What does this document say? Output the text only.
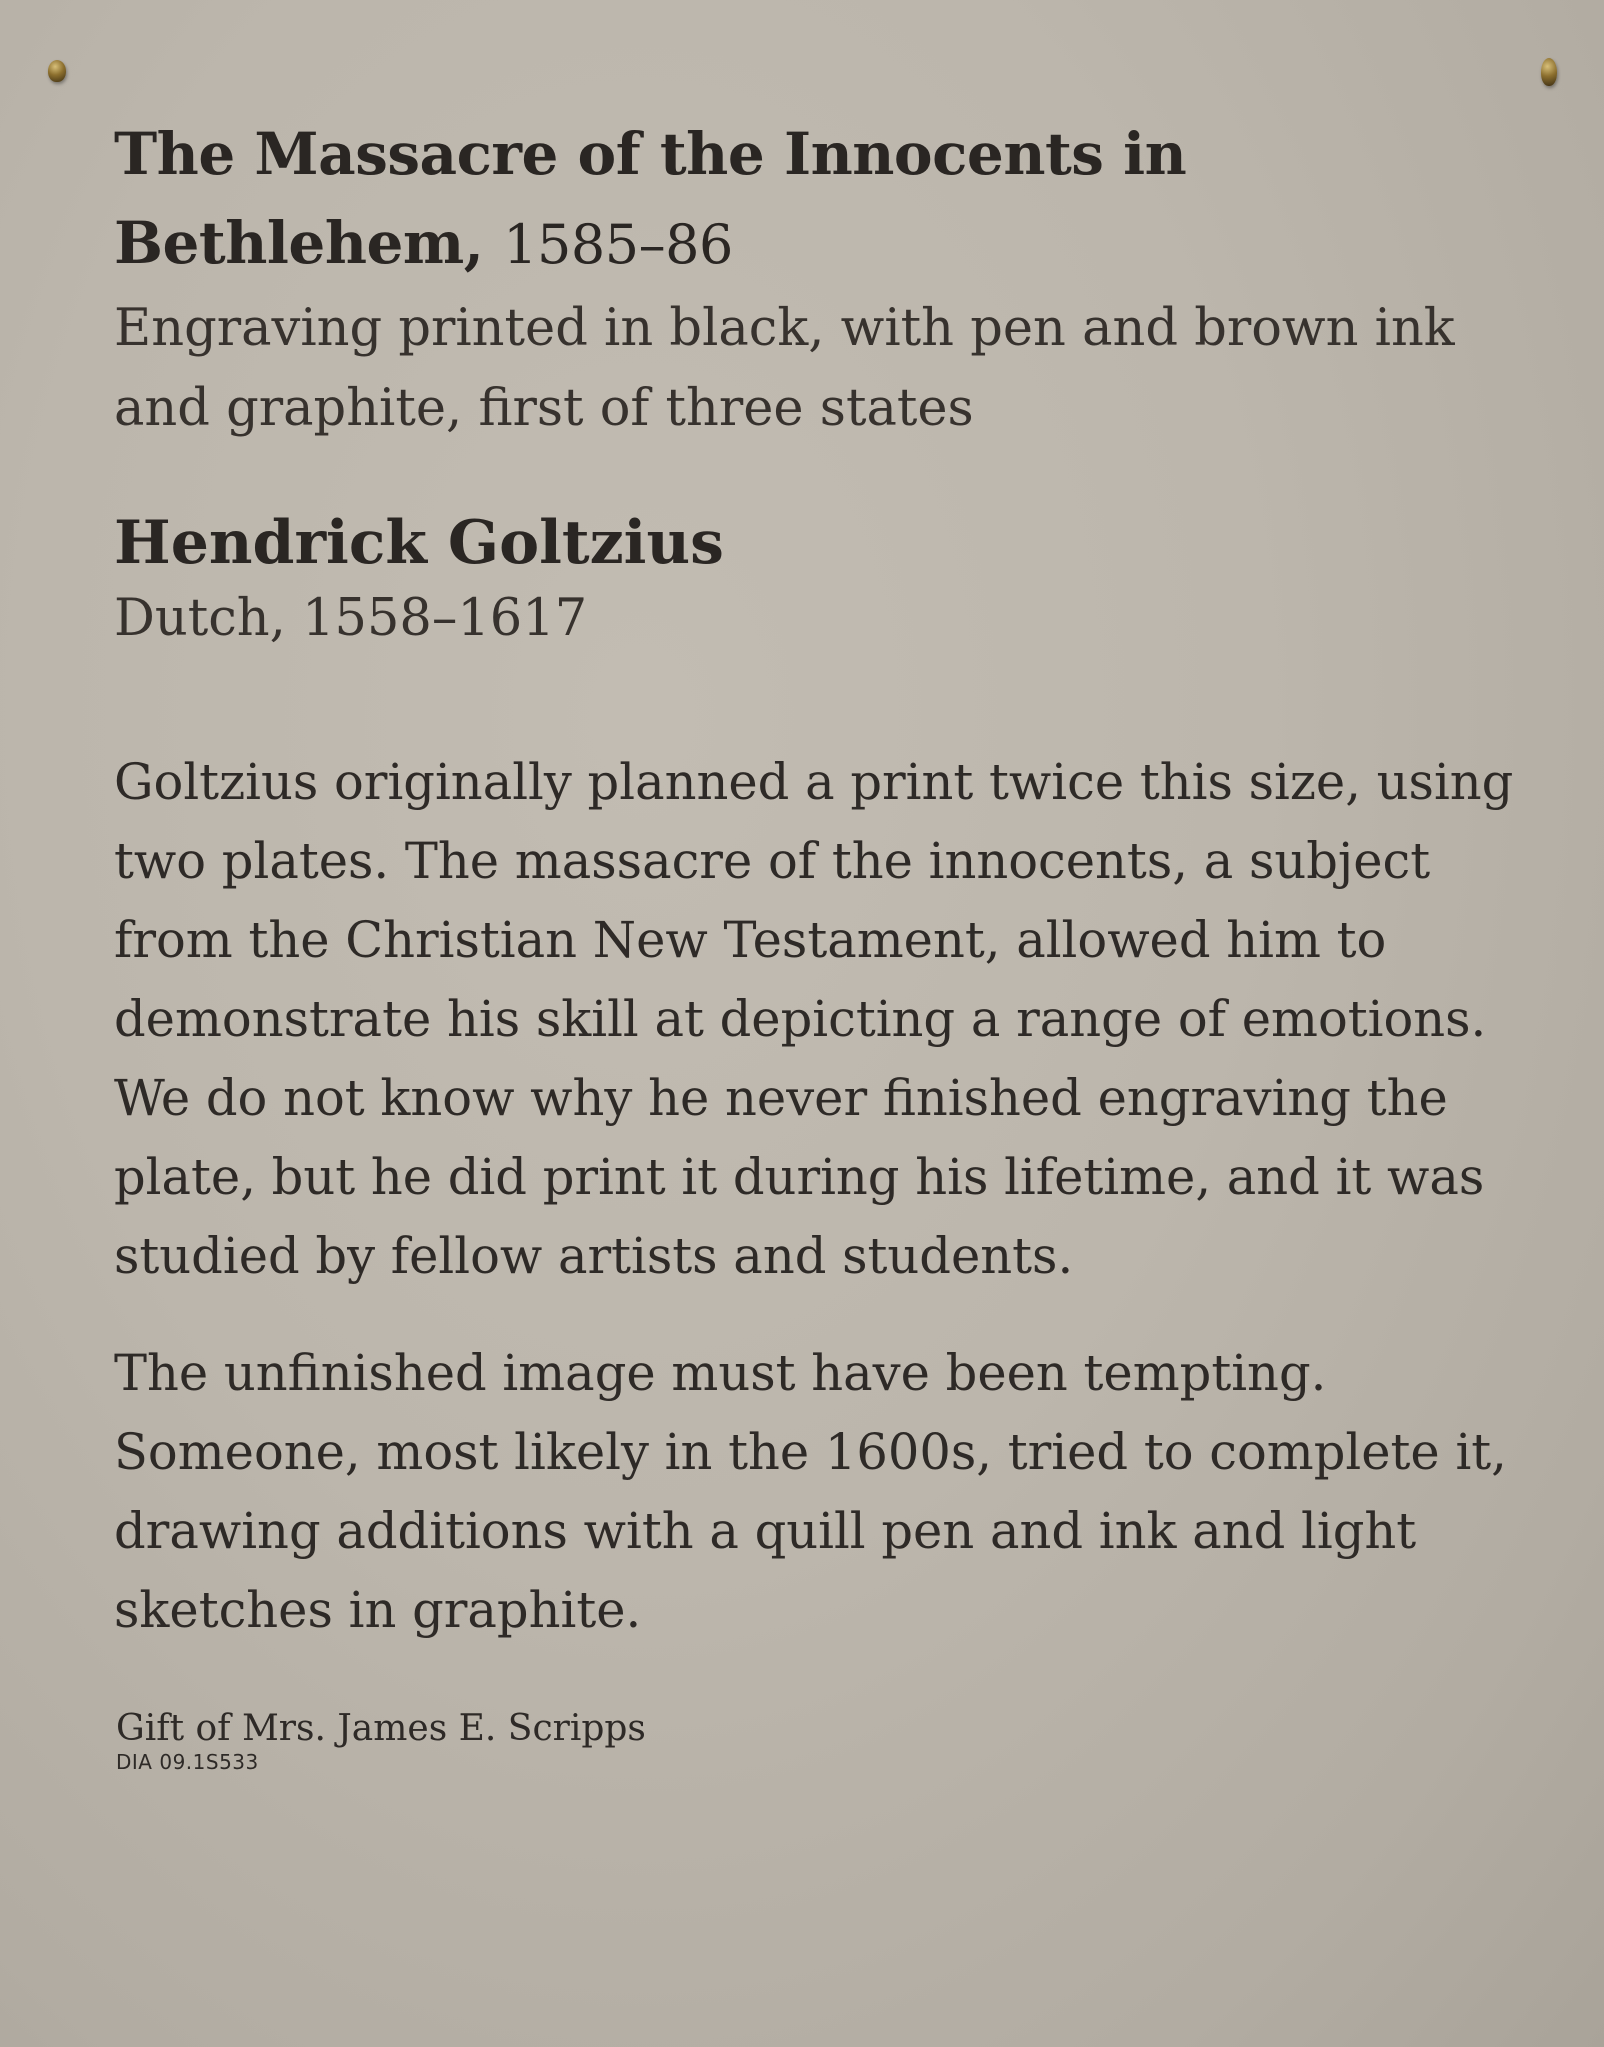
The Massacre of the Innocents in Bethlehem, 1585–86

Engraving printed in black, with pen and brown ink and graphite, first of three states

Hendrick Goltzius

Dutch, 1558–1617

Goltzius originally planned a print twice this size, using two plates. The massacre of the innocents, a subject from the Christian New Testament, allowed him to demonstrate his skill at depicting a range of emotions. We do not know why he never finished engraving the plate, but he did print it during his lifetime, and it was studied by fellow artists and students.

The unfinished image must have been tempting. Someone, most likely in the 1600s, tried to complete it, drawing additions with a quill pen and ink and light sketches in graphite.

Gift of Mrs. James E. Scripps

DIA 09.1S533
